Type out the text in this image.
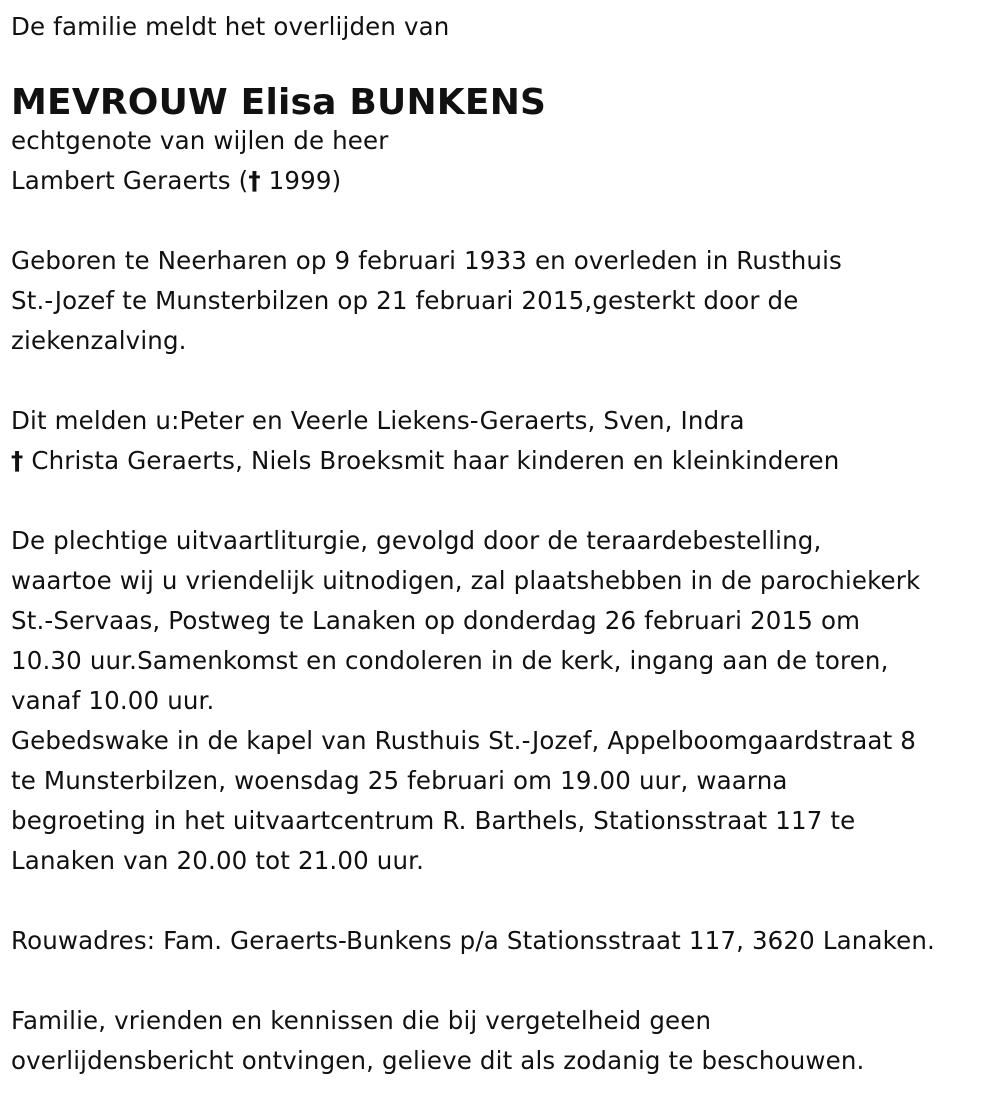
De familie meldt het overlijden van
MEVROUW Elisa BUNKENS
echtgenote van wijlen de heer
Lambert Geraerts († 1999)
Geboren te Neerharen op 9 februari 1933 en overleden in Rusthuis
St.-Jozef te Munsterbilzen op 21 februari 2015,gesterkt door de
ziekenzalving.
Dit melden u:Peter en Veerle Liekens-Geraerts, Sven, Indra
† Christa Geraerts, Niels Broeksmit haar kinderen en kleinkinderen
De plechtige uitvaartliturgie, gevolgd door de teraardebestelling,
waartoe wij u vriendelijk uitnodigen, zal plaatshebben in de parochiekerk
St.-Servaas, Postweg te Lanaken op donderdag 26 februari 2015 om
10.30 uur.Samenkomst en condoleren in de kerk, ingang aan de toren,
vanaf 10.00 uur.
Gebedswake in de kapel van Rusthuis St.-Jozef, Appelboomgaardstraat 8
te Munsterbilzen, woensdag 25 februari om 19.00 uur, waarna
begroeting in het uitvaartcentrum R. Barthels, Stationsstraat 117 te
Lanaken van 20.00 tot 21.00 uur.
Rouwadres: Fam. Geraerts-Bunkens p/a Stationsstraat 117, 3620 Lanaken.
Familie, vrienden en kennissen die bij vergetelheid geen
overlijdensbericht ontvingen, gelieve dit als zodanig te beschouwen.
